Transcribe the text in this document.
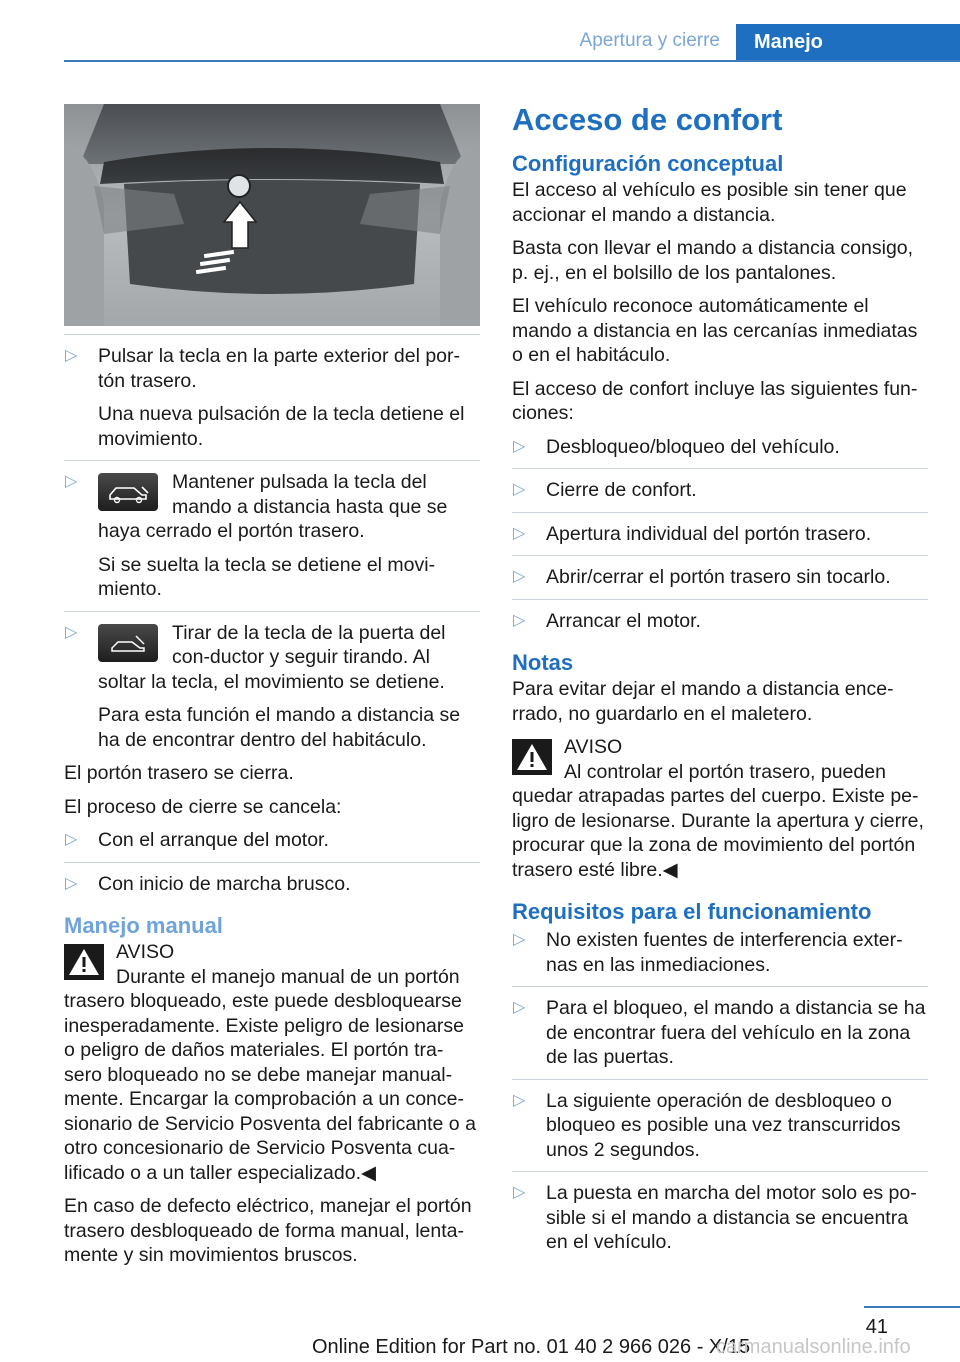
Apertura y cierre	Manejo
▷ Pulsar la tecla en la parte exterior del por-tón trasero.
Una nueva pulsación de la tecla detiene el movimiento.
▷	Mantener pulsada la tecla del mando a distancia hasta que se haya cerrado el portón trasero.
Si se suelta la tecla se detiene el movi-miento.
▷	Tirar de la tecla de la puerta del con-ductor y seguir tirando. Al soltar la tecla, el movimiento se detiene.
Para esta función el mando a distancia se ha de encontrar dentro del habitáculo.

El portón trasero se cierra.

El proceso de cierre se cancela:

▷ Con el arranque del motor.
▷ Con inicio de marcha brusco.
Manejo manual
AVISO
Durante el manejo manual de un portón trasero bloqueado, este puede desbloquearse inesperadamente. Existe peligro de lesionarse o peligro de daños materiales. El portón tra-sero bloqueado no se debe manejar manual-mente. Encargar la comprobación a un conce-sionario de Servicio Posventa del fabricante o a otro concesionario de Servicio Posventa cua-lificado o a un taller especializado.◀

En caso de defecto eléctrico, manejar el portón trasero desbloqueado de forma manual, lenta-mente y sin movimientos bruscos.

Acceso de confort
Configuración conceptual

El acceso al vehículo es posible sin tener que accionar el mando a distancia.

Basta con llevar el mando a distancia consigo, p. ej., en el bolsillo de los pantalones.

El vehículo reconoce automáticamente el mando a distancia en las cercanías inmediatas o en el habitáculo.

El acceso de confort incluye las siguientes fun-ciones:

▷ Desbloqueo/bloqueo del vehículo.
▷ Cierre de confort.
▷ Apertura individual del portón trasero.
▷ Abrir/cerrar el portón trasero sin tocarlo.
▷ Arrancar el motor.
Notas

Para evitar dejar el mando a distancia ence-rrado, no guardarlo en el maletero.

AVISO
Al controlar el portón trasero, pueden quedar atrapadas partes del cuerpo. Existe pe-ligro de lesionarse. Durante la apertura y cierre, procurar que la zona de movimiento del portón trasero esté libre.◀
Requisitos para el funcionamiento
▷ No existen fuentes de interferencia exter-nas en las inmediaciones.
▷ Para el bloqueo, el mando a distancia se ha de encontrar fuera del vehículo en la zona de las puertas.
▷ La siguiente operación de desbloqueo o bloqueo es posible una vez transcurridos unos 2 segundos.
▷ La puesta en marcha del motor solo es po-sible si el mando a distancia se encuentra en el vehículo.
41
Online Edition for Part no. 01 40 2 966 026 - X/15
carmanualsonline.info
